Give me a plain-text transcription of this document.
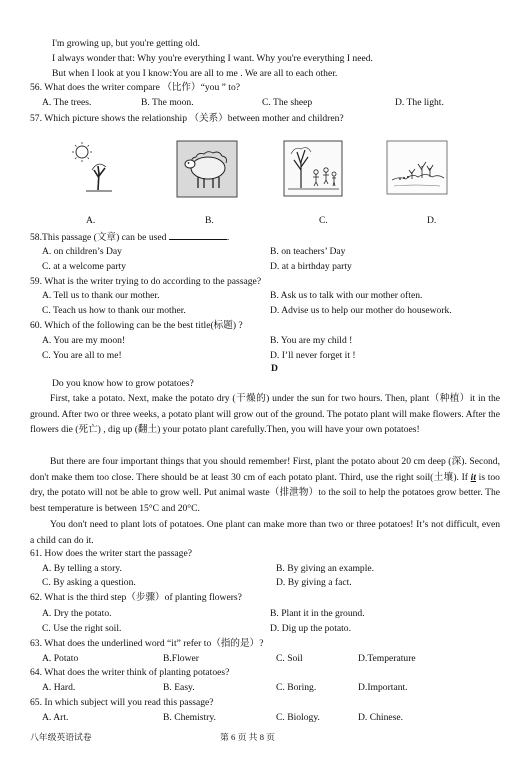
I'm growing up, but you're getting old.
I always wonder that: Why you're everything I want. Why you're everything I need.
But when I look at you I know:You are all to me . We are all to each other.
56. What does the writer compare （比作）“you ” to?
A. The trees.	B. The moon.	C. The sheep	D. The light.
57. Which picture shows the relationship （关系）between mother and children?
A.	B.	C.	D.
58.This passage (文章) can be used	.
A. on children’s Day	B. on teachers’ Day
C. at a welcome party	D. at a birthday party
59. What is the writer trying to do according to the passage?
A. Tell us to thank our mother.	B. Ask us to talk with our mother often.
C. Teach us how to thank our mother.	D. Advise us to help our mother do housework.
60. Which of the following can be the best title(标题) ?
A. You are my moon!	B. You are my child !
C. You are all to me!	D. I’ll never forget it !
D
Do you know how to grow potatoes?
First, take a potato. Next, make the potato dry (干燥的) under the sun for two hours. Then, plant（种植）it in the ground. After two or three weeks, a potato plant will grow out of the ground. The potato plant will make flowers. After the flowers die (死亡) , dig up (翻土) your potato plant carefully.Then, you will have your own potatoes!
But there are four important things that you should remember! First, plant the potato about 20 cm deep (深). Second, don't make them too close. There should be at least 30 cm of each potato plant. Third, use the right soil(土壤). If it is too dry, the potato will not be able to grow well. Put animal waste（排泄物）to the soil to help the potatoes grow better. The best temperature is between 15°C and 20°C.
You don't need to plant lots of potatoes. One plant can make more than two or three potatoes! It’s not difficult, even a child can do it.
61. How does the writer start the passage?
A. By telling a story.	B. By giving an example.
C. By asking a question.	D. By giving a fact.
62. What is the third step（步骤）of planting flowers?
A. Dry the potato.	B. Plant it in the ground.
C. Use the right soil.	D. Dig up the potato.
63. What does the underlined word “it” refer to（指的是）?
A. Potato	B.Flower	C. Soil	D.Temperature
64. What does the writer think of planting potatoes?
A. Hard.	B. Easy.	C. Boring.	D.Important.
65. In which subject will you read this passage?
A. Art.	B. Chemistry.	C. Biology.	D. Chinese.
八年级英语试卷	第 6 页 共 8 页
